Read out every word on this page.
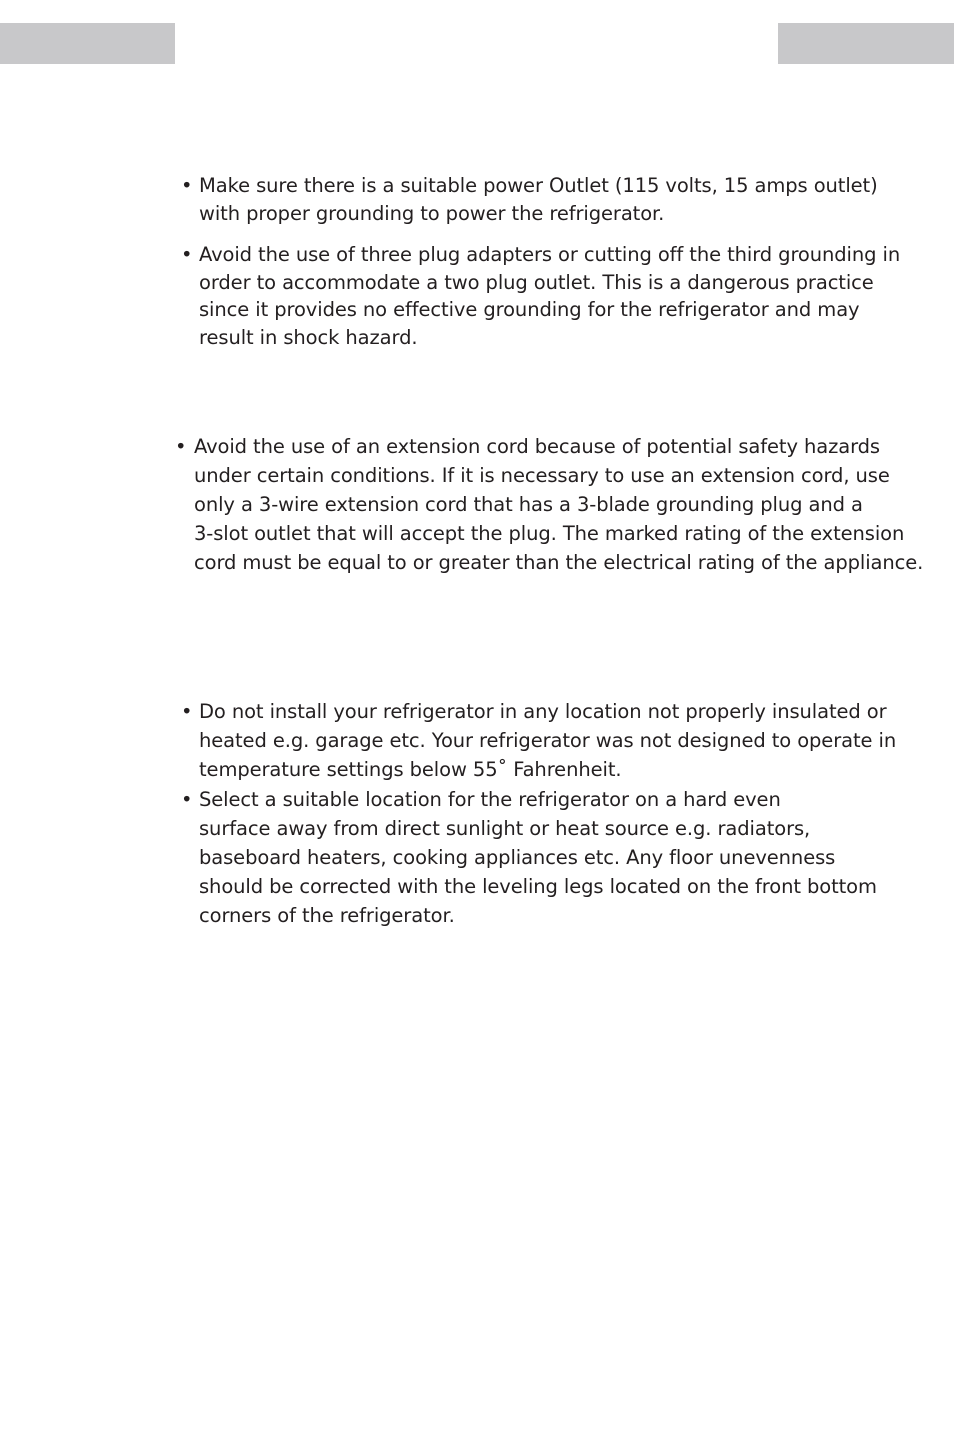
• Make sure there is a suitable power Outlet (115 volts, 15 amps outlet)
with proper grounding to power the refrigerator.
• Avoid the use of three plug adapters or cutting off the third grounding in
order to accommodate a two plug outlet. This is a dangerous practice
since it provides no effective grounding for the refrigerator and may
result in shock hazard.
• Avoid the use of an extension cord because of potential safety hazards
under certain conditions. If it is necessary to use an extension cord, use
only a 3-wire extension cord that has a 3-blade grounding plug and a
3-slot outlet that will accept the plug. The marked rating of the extension
cord must be equal to or greater than the electrical rating of the appliance.
• Do not install your refrigerator in any location not properly insulated or
heated e.g. garage etc. Your refrigerator was not designed to operate in
temperature settings below 55˚ Fahrenheit.
• Select a suitable location for the refrigerator on a hard even
surface away from direct sunlight or heat source e.g. radiators,
baseboard heaters, cooking appliances etc. Any floor unevenness
should be corrected with the leveling legs located on the front bottom
corners of the refrigerator.
